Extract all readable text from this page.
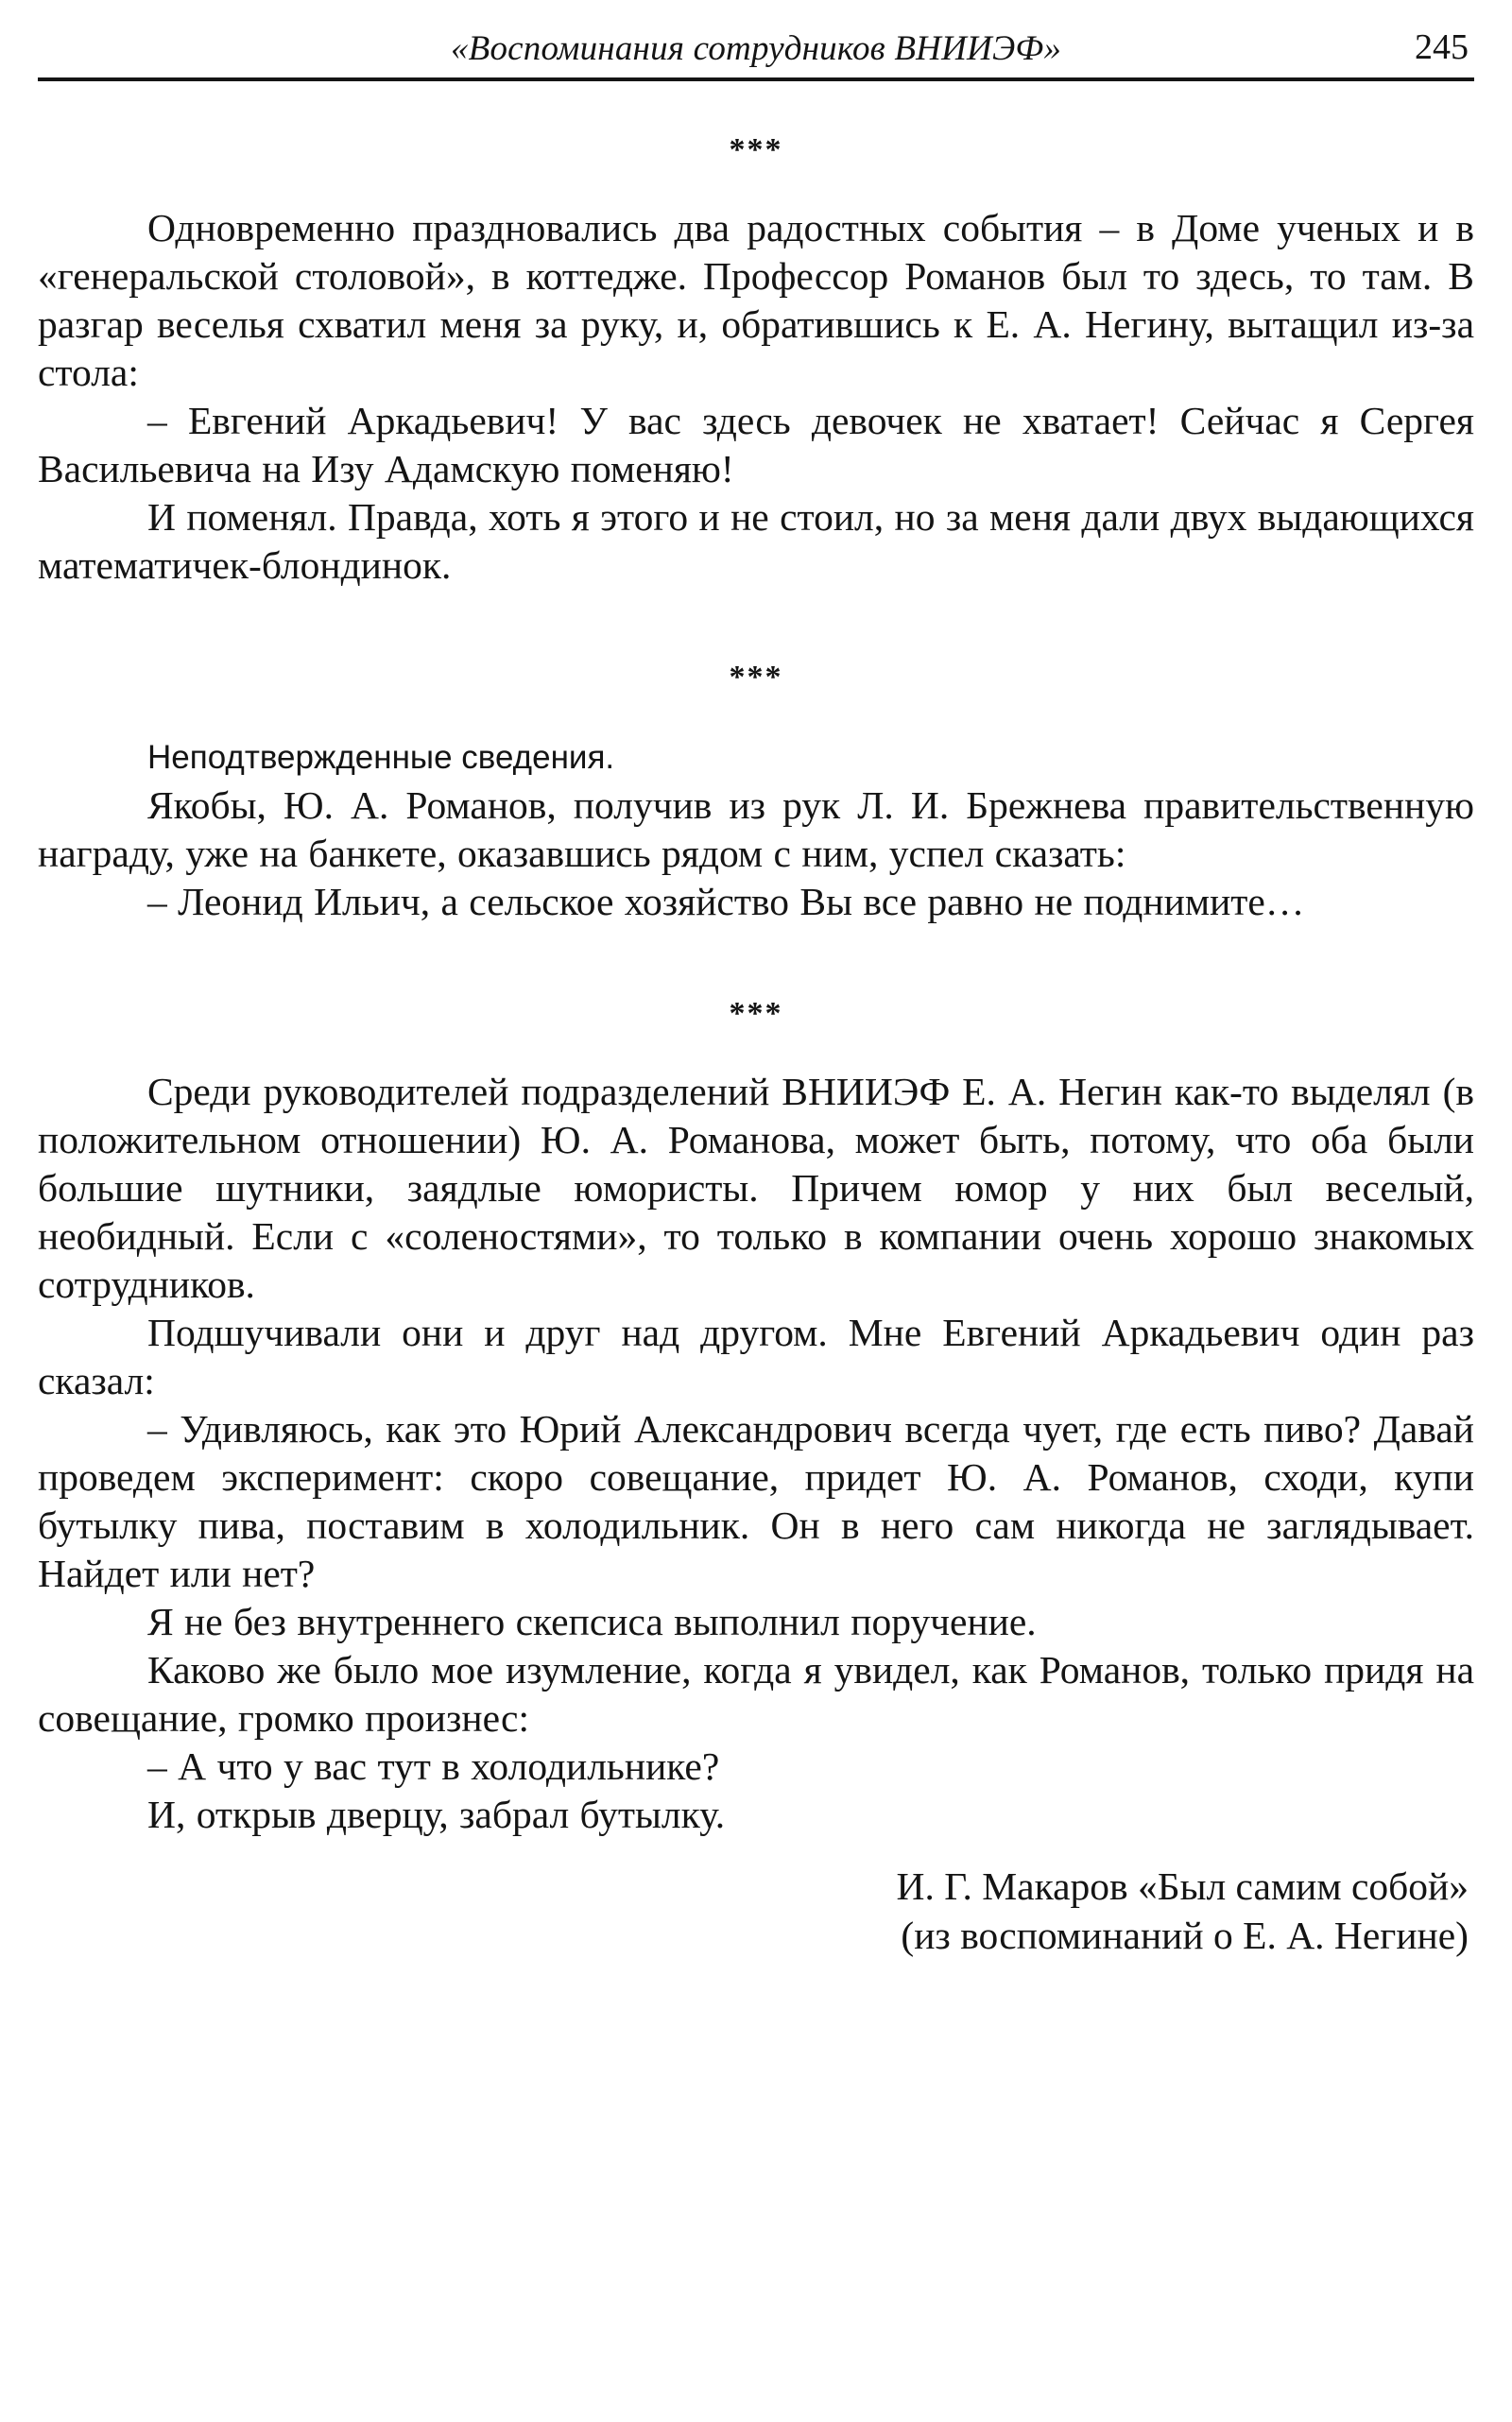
«Воспоминания сотрудников ВНИИЭФ»	245
***

Одновременно праздновались два радостных события – в Доме ученых и в «генеральской столовой», в коттедже. Профессор Романов был то здесь, то там. В разгар веселья схватил меня за руку, и, обратившись к Е. А. Негину, вытащил из-за стола:

– Евгений Аркадьевич! У вас здесь девочек не хватает! Сейчас я Сергея Васильевича на Изу Адамскую поменяю!

И поменял. Правда, хоть я этого и не стоил, но за меня дали двух выдающихся математичек-блондинок.

***

Неподтвержденные сведения.

Якобы, Ю. А. Романов, получив из рук Л. И. Брежнева правительственную награду, уже на банкете, оказавшись рядом с ним, успел сказать:

– Леонид Ильич, а сельское хозяйство Вы все равно не поднимите…

***

Среди руководителей подразделений ВНИИЭФ Е. А. Негин как-то выделял (в положительном отношении) Ю. А. Романова, может быть, потому, что оба были большие шутники, заядлые юмористы. Причем юмор у них был веселый, необидный. Если с «соленостями», то только в компании очень хорошо знакомых сотрудников.

Подшучивали они и друг над другом. Мне Евгений Аркадьевич один раз сказал:

– Удивляюсь, как это Юрий Александрович всегда чует, где есть пиво? Давай проведем эксперимент: скоро совещание, придет Ю. А. Романов, сходи, купи бутылку пива, поставим в холодильник. Он в него сам никогда не заглядывает. Найдет или нет?

Я не без внутреннего скепсиса выполнил поручение.

Каково же было мое изумление, когда я увидел, как Романов, только придя на совещание, громко произнес:

– А что у вас тут в холодильнике?

И, открыв дверцу, забрал бутылку.

И. Г. Макаров «Был самим собой»
(из воспоминаний о Е. А. Негине)
